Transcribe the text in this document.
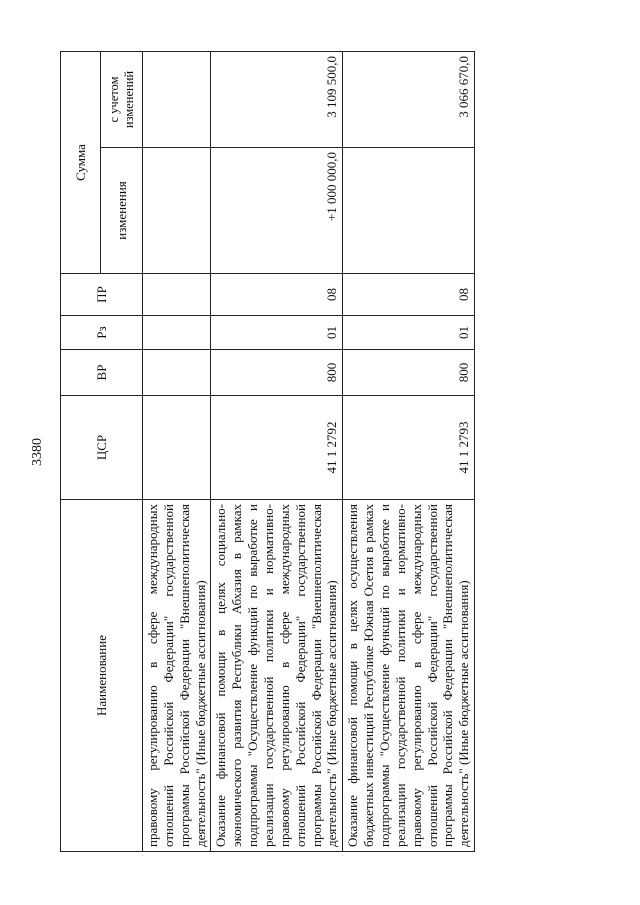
3380
Наименование	ЦСР	ВР	Рз	ПР	Сумма	
					изменения	с учетом изменений
правовому регулированию в сфере международных отношений Российской Федерации" государственной программы Российской Федерации "Внешнеполитическая деятельность" (Иные бюджетные ассигнования)						
Оказание финансовой помощи в целях социально-экономического развития Республики Абхазия в рамках подпрограммы "Осуществление функций по выработке и реализации государственной политики и нормативно-правовому регулированию в сфере международных отношений Российской Федерации" государственной программы Российской Федерации "Внешнеполитическая деятельность" (Иные бюджетные ассигнования)	41 1 2792	800	01	08	+1 000 000,0	3 109 500,0
Оказание финансовой помощи в целях осуществления бюджетных инвестиций Республике Южная Осетия в рамках подпрограммы "Осуществление функций по выработке и реализации государственной политики и нормативно-правовому регулированию в сфере международных отношений Российской Федерации" государственной программы Российской Федерации "Внешнеполитическая деятельность" (Иные бюджетные ассигнования)	41 1 2793	800	01	08		3 066 670,0
